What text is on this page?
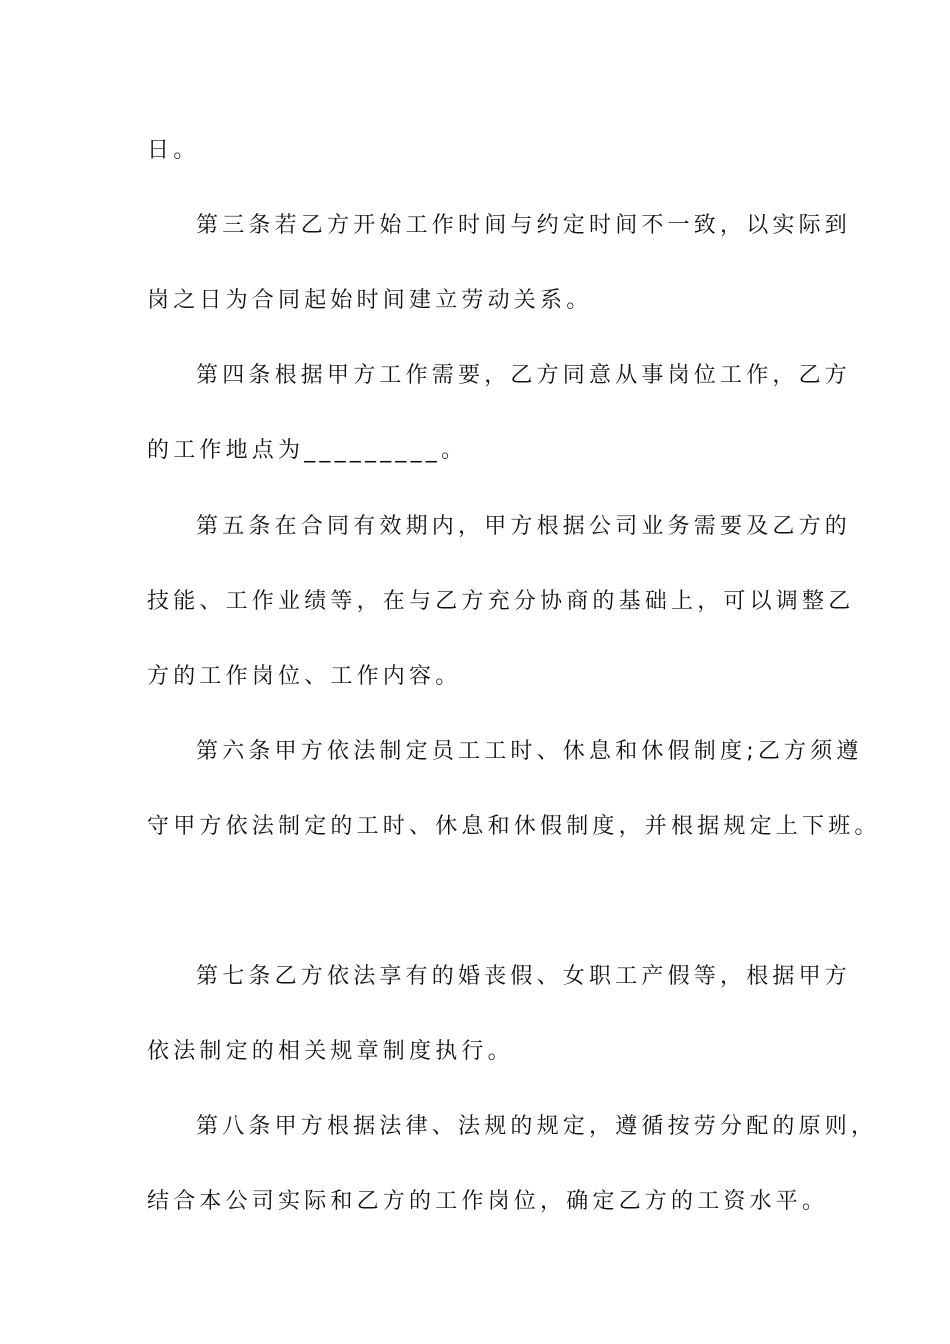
日。

第三条若乙方开始工作时间与约定时间不一致，以实际到

岗之日为合同起始时间建立劳动关系。

第四条根据甲方工作需要，乙方同意从事岗位工作，乙方

的工作地点为_________。

第五条在合同有效期内，甲方根据公司业务需要及乙方的

技能、工作业绩等，在与乙方充分协商的基础上，可以调整乙

方的工作岗位、工作内容。

第六条甲方依法制定员工工时、休息和休假制度;乙方须遵

守甲方依法制定的工时、休息和休假制度，并根据规定上下班。

第七条乙方依法享有的婚丧假、女职工产假等，根据甲方

依法制定的相关规章制度执行。

第八条甲方根据法律、法规的规定，遵循按劳分配的原则，

结合本公司实际和乙方的工作岗位，确定乙方的工资水平。
